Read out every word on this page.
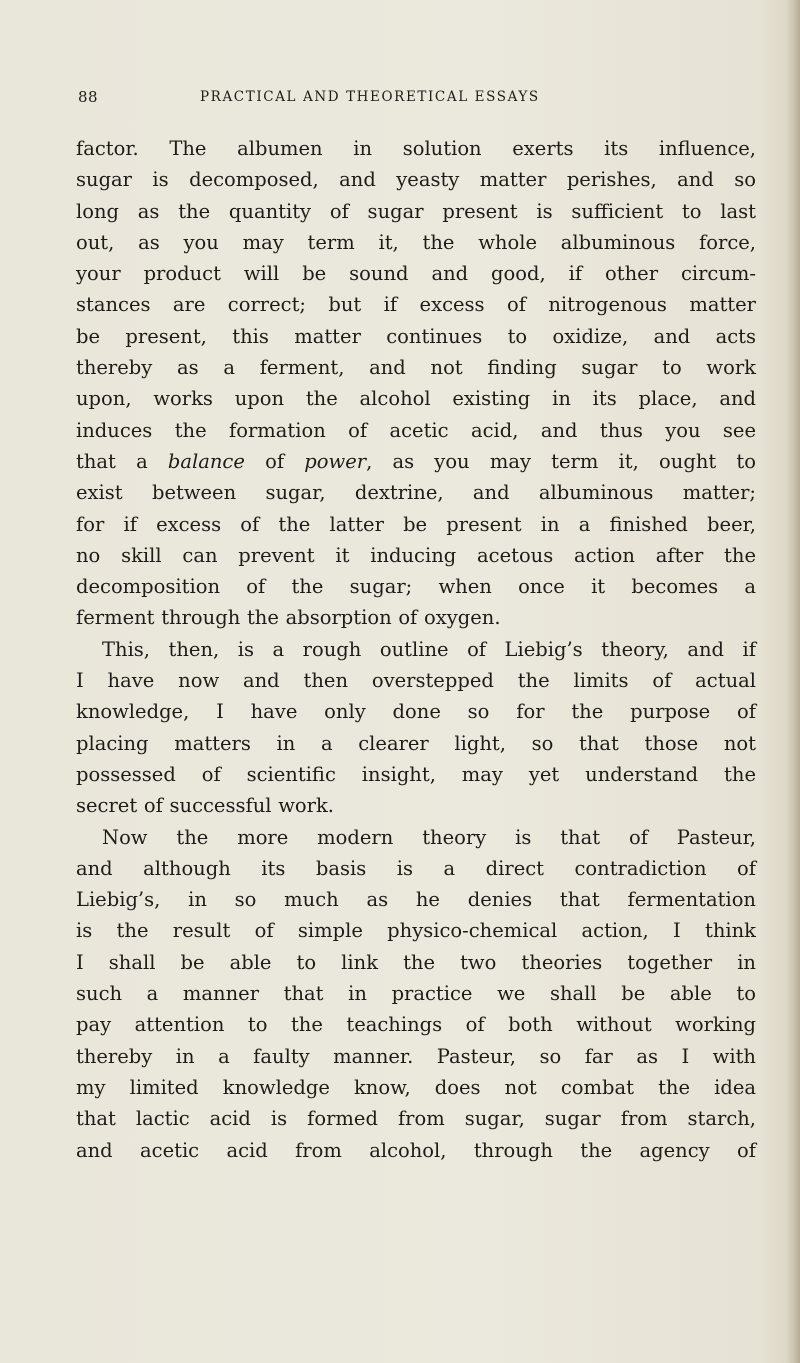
88	PRACTICAL AND THEORETICAL ESSAYS
factor. The albumen in solution exerts its influence,
sugar is decomposed, and yeasty matter perishes, and so
long as the quantity of sugar present is sufficient to last
out, as you may term it, the whole albuminous force,
your product will be sound and good, if other circum-
stances are correct; but if excess of nitrogenous matter
be present, this matter continues to oxidize, and acts
thereby as a ferment, and not finding sugar to work
upon, works upon the alcohol existing in its place, and
induces the formation of acetic acid, and thus you see
that a balance of power, as you may term it, ought to
exist between sugar, dextrine, and albuminous matter;
for if excess of the latter be present in a finished beer,
no skill can prevent it inducing acetous action after the
decomposition of the sugar; when once it becomes a
ferment through the absorption of oxygen.
This, then, is a rough outline of Liebig’s theory, and if
I have now and then overstepped the limits of actual
knowledge, I have only done so for the purpose of
placing matters in a clearer light, so that those not
possessed of scientific insight, may yet understand the
secret of successful work.
Now the more modern theory is that of Pasteur,
and although its basis is a direct contradiction of
Liebig’s, in so much as he denies that fermentation
is the result of simple physico-chemical action, I think
I shall be able to link the two theories together in
such a manner that in practice we shall be able to
pay attention to the teachings of both without working
thereby in a faulty manner. Pasteur, so far as I with
my limited knowledge know, does not combat the idea
that lactic acid is formed from sugar, sugar from starch,
and acetic acid from alcohol, through the agency of
